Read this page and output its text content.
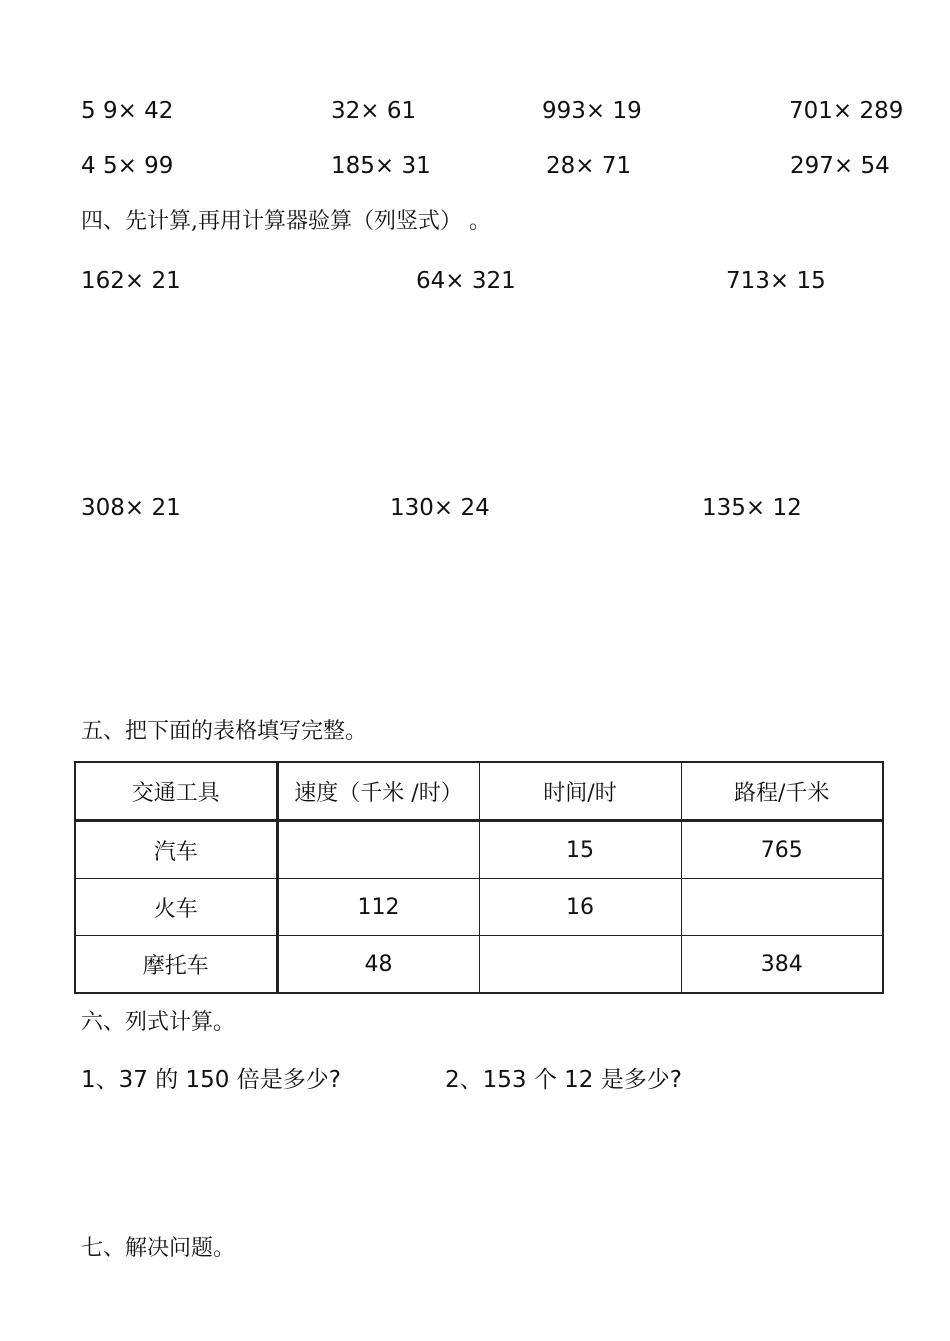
5 9× 42	32× 61	993× 19	701× 289
4 5× 99	185× 31	28× 71	297× 54
四、先计算,再用计算器验算（列竖式） 。
162× 21	64× 321	713× 15
308× 21	130× 24	135× 12
五、把下面的表格填写完整。
交通工具	速度（千米 /时）	时间/时	路程/千米
汽车		15	765
火车	112	16	
摩托车	48		384
六、列式计算。
1、37 的 150 倍是多少?	2、153 个 12 是多少?
七、解决问题。
